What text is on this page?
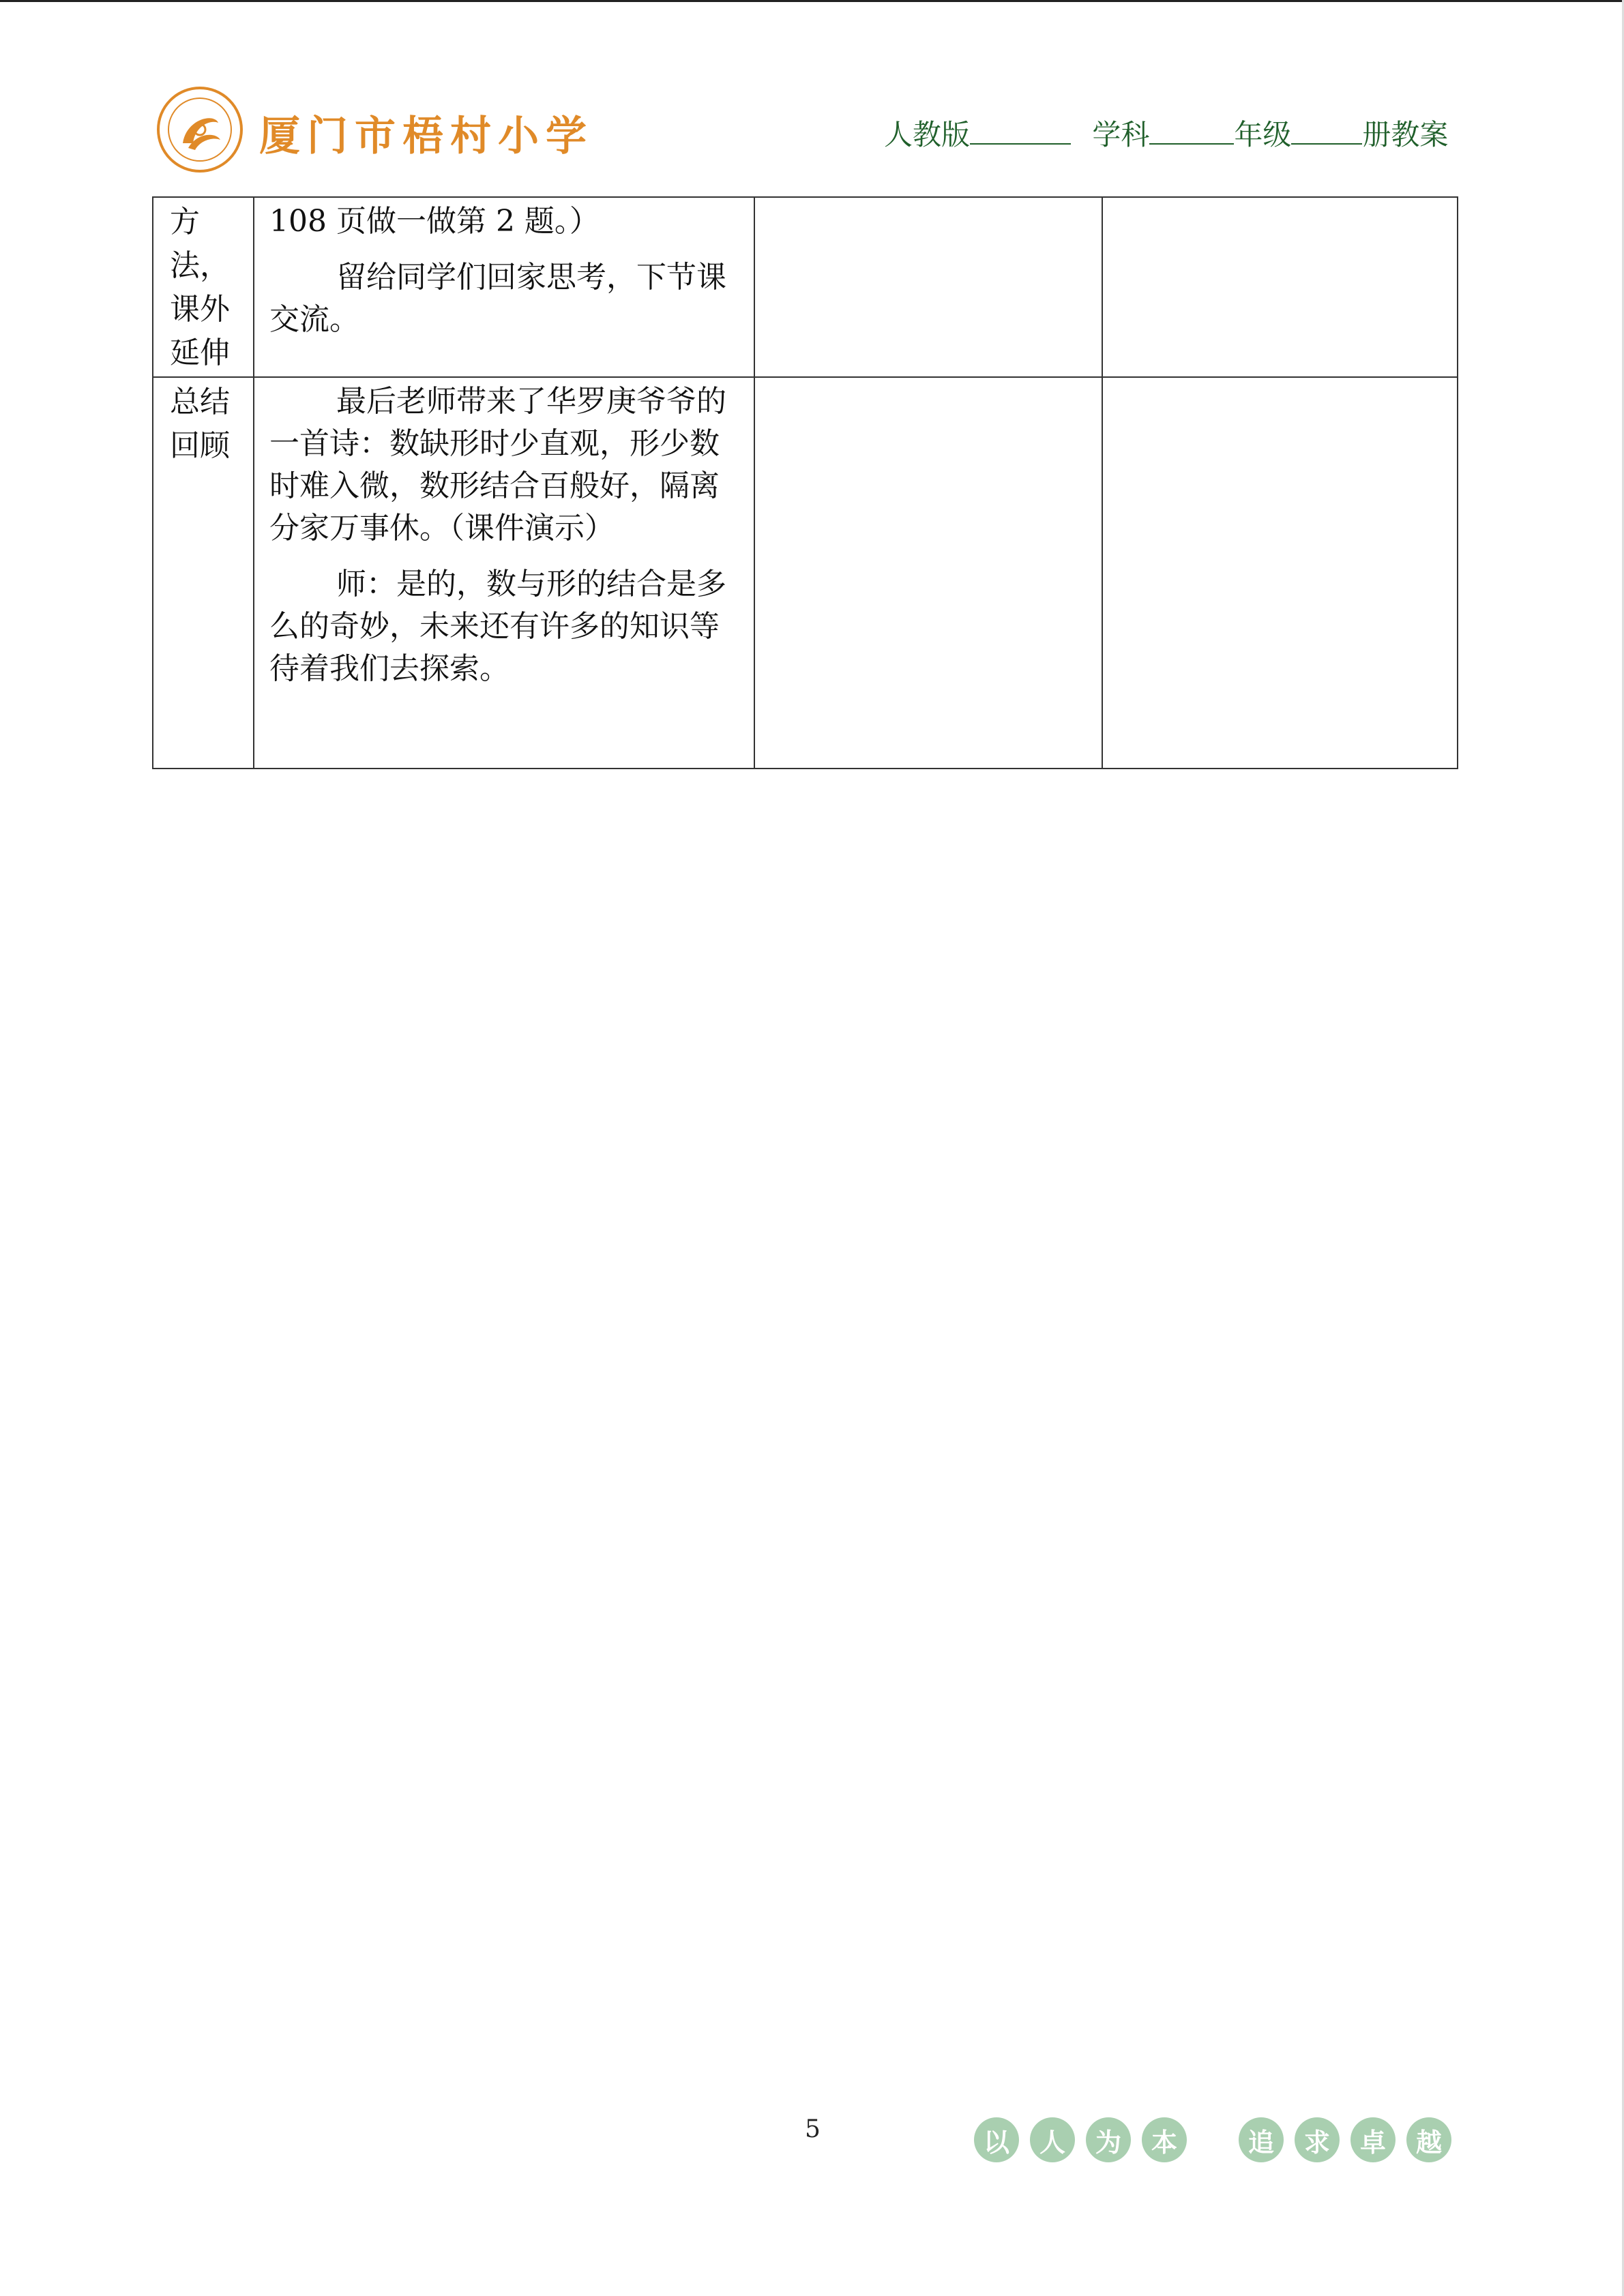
厦门市梧村小学	人教版	学科	年级 册教案
方法，课外延伸	108 页做一做第 2 题。）

留给同学们回家思考，下节课交流。		

总结回顾	最后老师带来了华罗庚爷爷的一首诗：数缺形时少直观，形少数时难入微，数形结合百般好，隔离分家万事休。（课件演示）

师：是的，数与形的结合是多么的奇妙，未来还有许多的知识等待着我们去探索。		

5	以	人	为	本	追	求	卓	越
